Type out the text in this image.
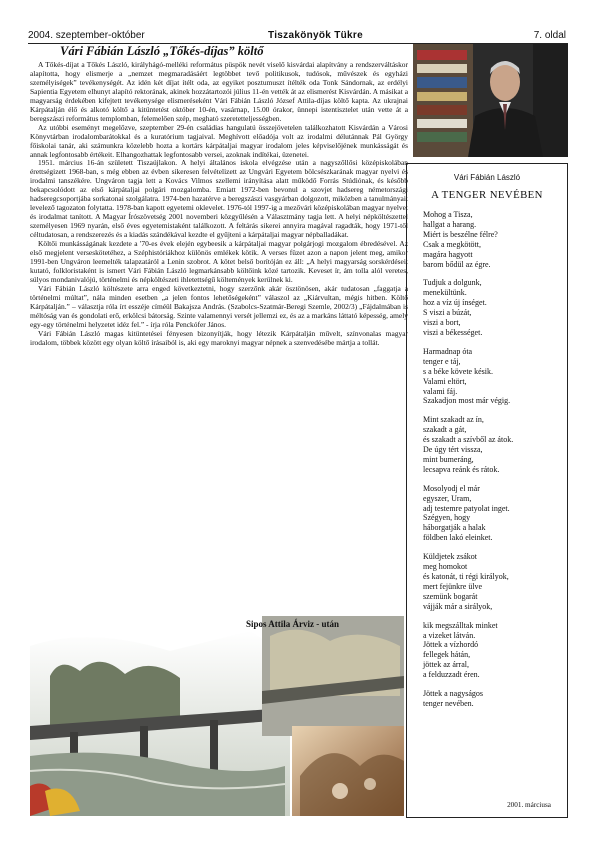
2004. szeptember-október	Tiszakönyök Tükre	7. oldal
Vári Fábián László „Tőkés-díjas” költő

A Tőkés-díjat a Tőkés László, királyhágó-melléki református püspök nevét viselő kisvárdai alapítvány a rendszerváltáskor alapította, hogy elismerje a „nemzet megmaradásáért legtöbbet tevő politikusok, tudósok, művészek és egyházi személyiségek” tevékenységét. Az idén két díjat ítélt oda, az egyiket posztumuszt ítélték oda Tonk Sándornak, az erdélyi Sapientia Egyetem elhunyt alapító rektorának, akinek hozzátartozói július 11-én vették át az elismerést Kisvárdán. A másikat a magyarság érdekében kifejtett tevékenysége elismeréseként Vári Fábián László József Attila-díjas költő kapta. Az ukrajnai Kárpátalján élő és alkotó költő a kitüntetést október 10-én, vasárnap, 15.00 órakor, ünnepi istentisztelet után vette át a beregszászi református templomban, felemelően szép, megható szeretetteljességben.

Az utóbbi eseményt megelőzve, szeptember 29-én családias hangulatú összejövetelen találkozhatott Kisvárdán a Városi Könyvtárban irodalombarátokkal és a kuratórium tagjaival. Meghívott előadója volt az irodalmi délutánnak Pál György főiskolai tanár, aki számunkra közelebb hozta a kortárs kárpátaljai magyar irodalom jeles képviselőjének munkásságát és annak legfontosabb értékeit. Elhangozhattak legfontosabb versei, azoknak indítékai, üzenetei.

1951. március 16-án született Tiszaújlakon. A helyi általános iskola elvégzése után a nagyszőllősi középiskolában érettségizett 1968-ban, s még ebben az évben sikeresen felvételizett az Ungvári Egyetem bölcsészkarának magyar nyelvi és irodalmi tanszékére. Ungváron tagja lett a Kovács Vilmos szellemi irányítása alatt működő Forrás Stúdiónak, és később bekapcsolódott az első kárpátaljai polgári mozgalomba. Emiatt 1972-ben bevonul a szovjet hadsereg németországi hadseregcsoportjába sorkatonai szolgálatra. 1974-ben hazatérve a beregszászi vasgyárban dolgozott, miközben a tanulmányait levelező tagozaton folytatta. 1978-ban kapott egyetemi oklevelet. 1976-tól 1997-ig a mezővári középiskolában magyar nyelvet és irodalmat tanított. A Magyar Írószövetség 2001 novemberi közgyűlésén a Választmány tagja lett. A helyi népköltészettel személyesen 1969 nyarán, első éves egyetemistaként találkozott. A feltárás sikerei annyira magával ragadták, hogy 1971-től céltudatosan, a rendszerezés és a kiadás szándékával kezdte el gyűjteni a kárpátaljai magyar népballadákat.

Költői munkásságának kezdete a '70-es évek elején egybeesik a kárpátaljai magyar polgárjogi mozgalom ébredésével. Az első megjelent verseskötetéhez, a Széphistóriákhoz különös emlékek kötik. A verses füzet azon a napon jelent meg, amikor 1991-ben Ungváron leemelték talapzatáról a Lenin szobrot. A kötet belső borítóján ez áll: „A helyi magyarság sorskérdéseit kutató, folkloristaként is ismert Vári Fábián László legmarkánsabb költőink közé tartozik. Keveset ír, ám tolla alól veretes, súlyos mondanivalójú, történelmi és népköltészeti ihletettségű költemények kerülnek ki.

Vári Fábián László költészete arra enged következtetni, hogy szerzőnk akár ösztönösen, akár tudatosan „faggatja a történelmi múltat”, nála minden esetben „a jelen fontos lehetőségeként” válaszol az „Kiárvultan, mégis hitben. Költő Kárpátalján.” – választja róla írt esszéje címéül Bakajsza András. (Szabolcs-Szatmár-Beregi Szemle, 2002/3) „Fájdalmában is méltóság van és gondolati erő, erkölcsi bátorság. Szinte valamennyi versét jellemzi ez, és az a markáns láttató képesség, amely egy-egy történelmi helyzetet idéz fel.” - írja róla Penckófer János.

Vári Fábián László magas kitüntetései fényesen bizonyítják, hogy létezik Kárpátalján művelt, színvonalas magyar irodalom, többek között egy olyan költő írásaiból is, aki egy maroknyi magyar népnek a szenvedésébe mártja a tollát.

Vári Fábián László
A TENGER NEVÉBEN
Mohog a Tisza,
hallgat a harang.
Miért is beszélne félre?
Csak a megkötött,
magára hagyott
barom bődül az égre.
Tudjuk a dolgunk,
menekültünk.
hoz a víz új ínséget.
S viszi a búzát,
viszi a bort,
viszi a békességet.
Harmadnap óta
tenger e táj,
s a béke követe késik.
Valami eltört,
valami fáj.
Szakadjon most már végig.
Mint szakadt az ín,
szakadt a gát,
és szakadt a szívből az átok.
De úgy tért vissza,
mint bumeráng,
lecsapva reánk és rátok.
Mosolyodj el már
egyszer, Uram,
adj testemre patyolat inget.
Szégyen, hogy
háborgatják a halak
földben lakó eleinket.
Küldjetek zsákot
meg homokot
és katonát, ti régi királyok,
mert fejünkre ülve
szemünk bogarát
vájják már a sirályok,
kik megszálltak minket
a vizeket látván.
Jöttek a vízhordó
fellegek hátán,
jöttek az árral,
a felduzzadt éren.
Jöttek a nagyságos
tenger nevében.
2001. márciusa
Sipos Attila Árviz - után
